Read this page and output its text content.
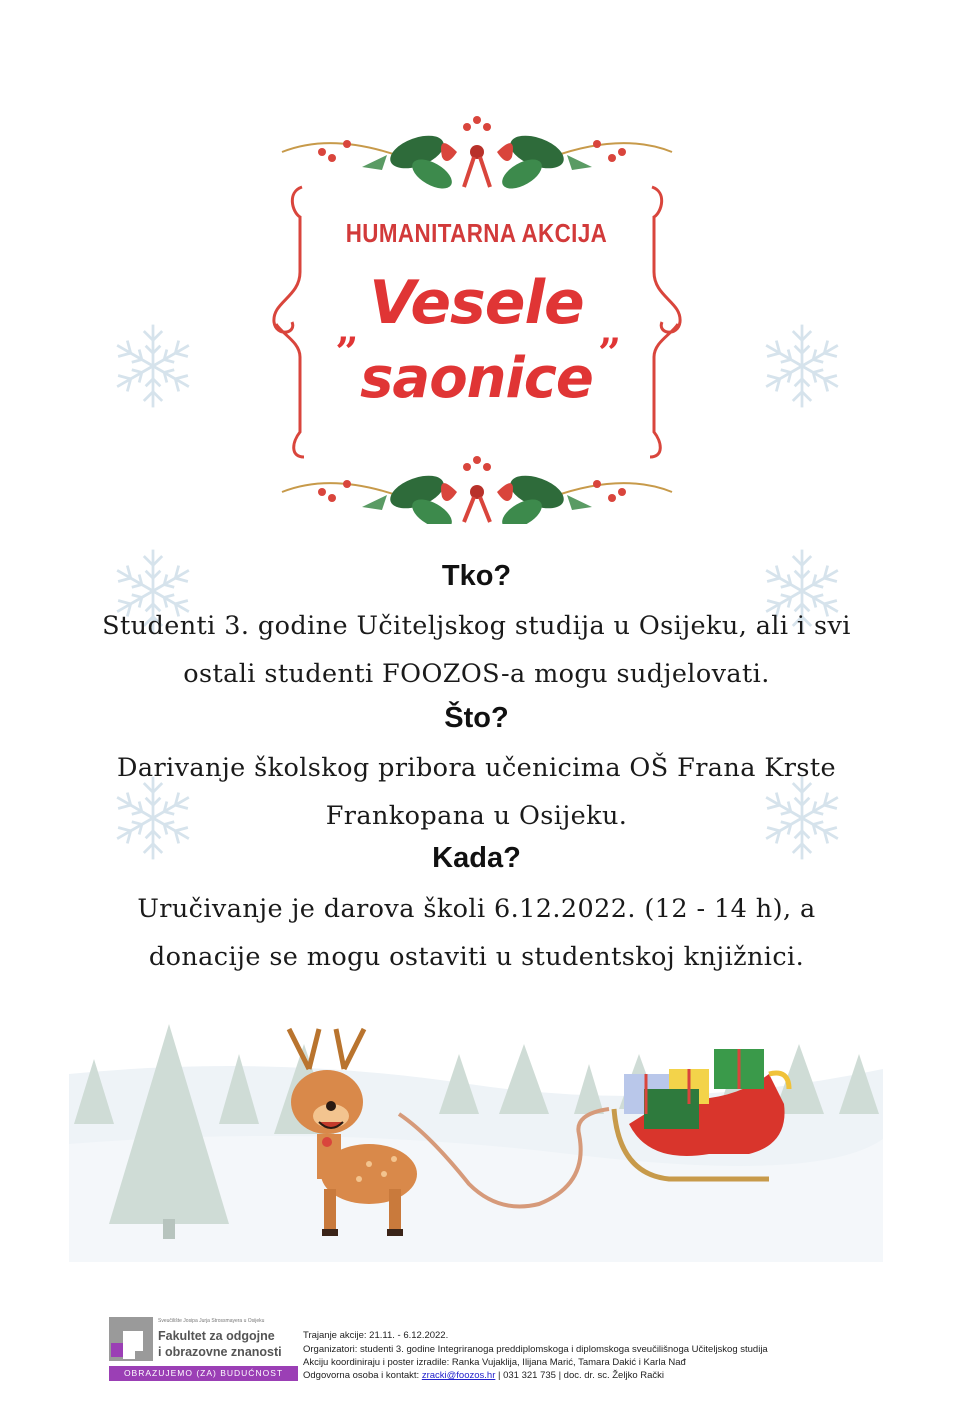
HUMANITARNA AKCIJA
„ Vesele
saonice ”
Tko?
Studenti 3. godine Učiteljskog studija u Osijeku, ali i svi
ostali studenti FOOZOS-a mogu sudjelovati.
Što?
Darivanje školskog pribora učenicima OŠ Frana Krste
Frankopana u Osijeku.
Kada?
Uručivanje je darova školi 6.12.2022. (12 - 14 h), a
donacije se mogu ostaviti u studentskoj knjižnici.
Sveučilište Josipa Jurja Strossmayera u Osijeku
Fakultet za odgojne
i obrazovne znanosti
OBRAZUJEMO (ZA) BUDUĆNOST
Trajanje akcije: 21.11. - 6.12.2022.
Organizatori: studenti 3. godine Integriranoga preddiplomskoga i diplomskoga sveučilišnoga Učiteljskog studija
Akciju koordiniraju i poster izradile: Ranka Vujaklija, Ilijana Marić, Tamara Dakić i Karla Nađ
Odgovorna osoba i kontakt: zracki@foozos.hr | 031 321 735 | doc. dr. sc. Željko Rački
